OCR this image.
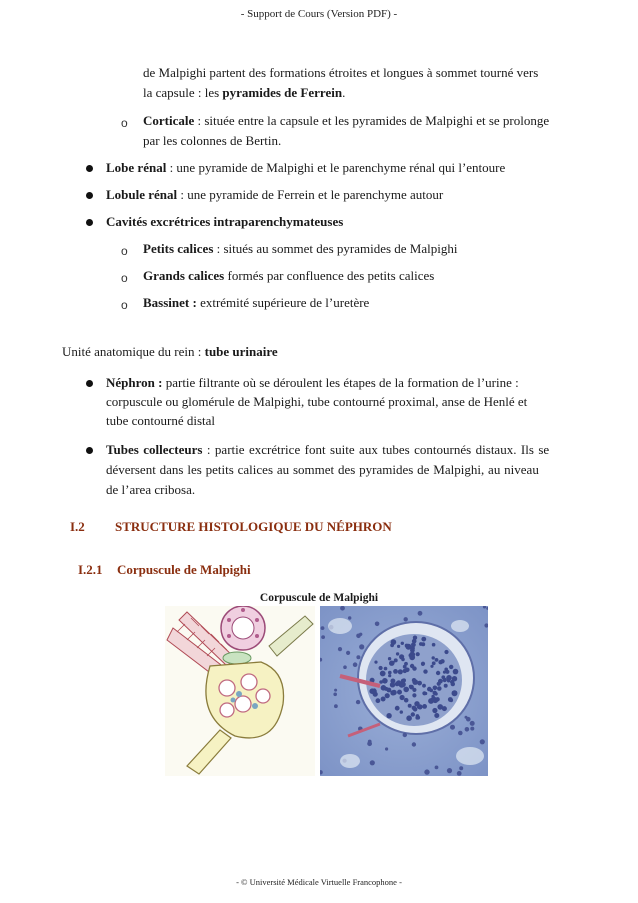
- Support de Cours (Version PDF) -
de Malpighi partent des formations étroites et longues à sommet tourné vers
la capsule : les pyramides de Ferrein.
o Corticale : située entre la capsule et les pyramides de Malpighi et se prolonge
par les colonnes de Bertin.
Lobe rénal : une pyramide de Malpighi et le parenchyme rénal qui l’entoure
Lobule rénal : une pyramide de Ferrein et le parenchyme autour
Cavités excrétrices intraparenchymateuses
o Petits calices : situés au sommet des pyramides de Malpighi
o Grands calices formés par confluence des petits calices
o Bassinet : extrémité supérieure de l’uretère
Unité anatomique du rein : tube urinaire
Néphron : partie filtrante où se déroulent les étapes de la formation de l’urine :
corpuscule ou glomérule de Malpighi, tube contourné proximal, anse de Henlé et
tube contourné distal
Tubes collecteurs : partie excrétrice font suite aux tubes contournés distaux. Ils se
déversent dans les petits calices au sommet des pyramides de Malpighi, au niveau
de l’area cribosa.
I.2 STRUCTURE HISTOLOGIQUE DU NÉPHRON
I.2.1 Corpuscule de Malpighi
Corpuscule de Malpighi
- © Université Médicale Virtuelle Francophone -
